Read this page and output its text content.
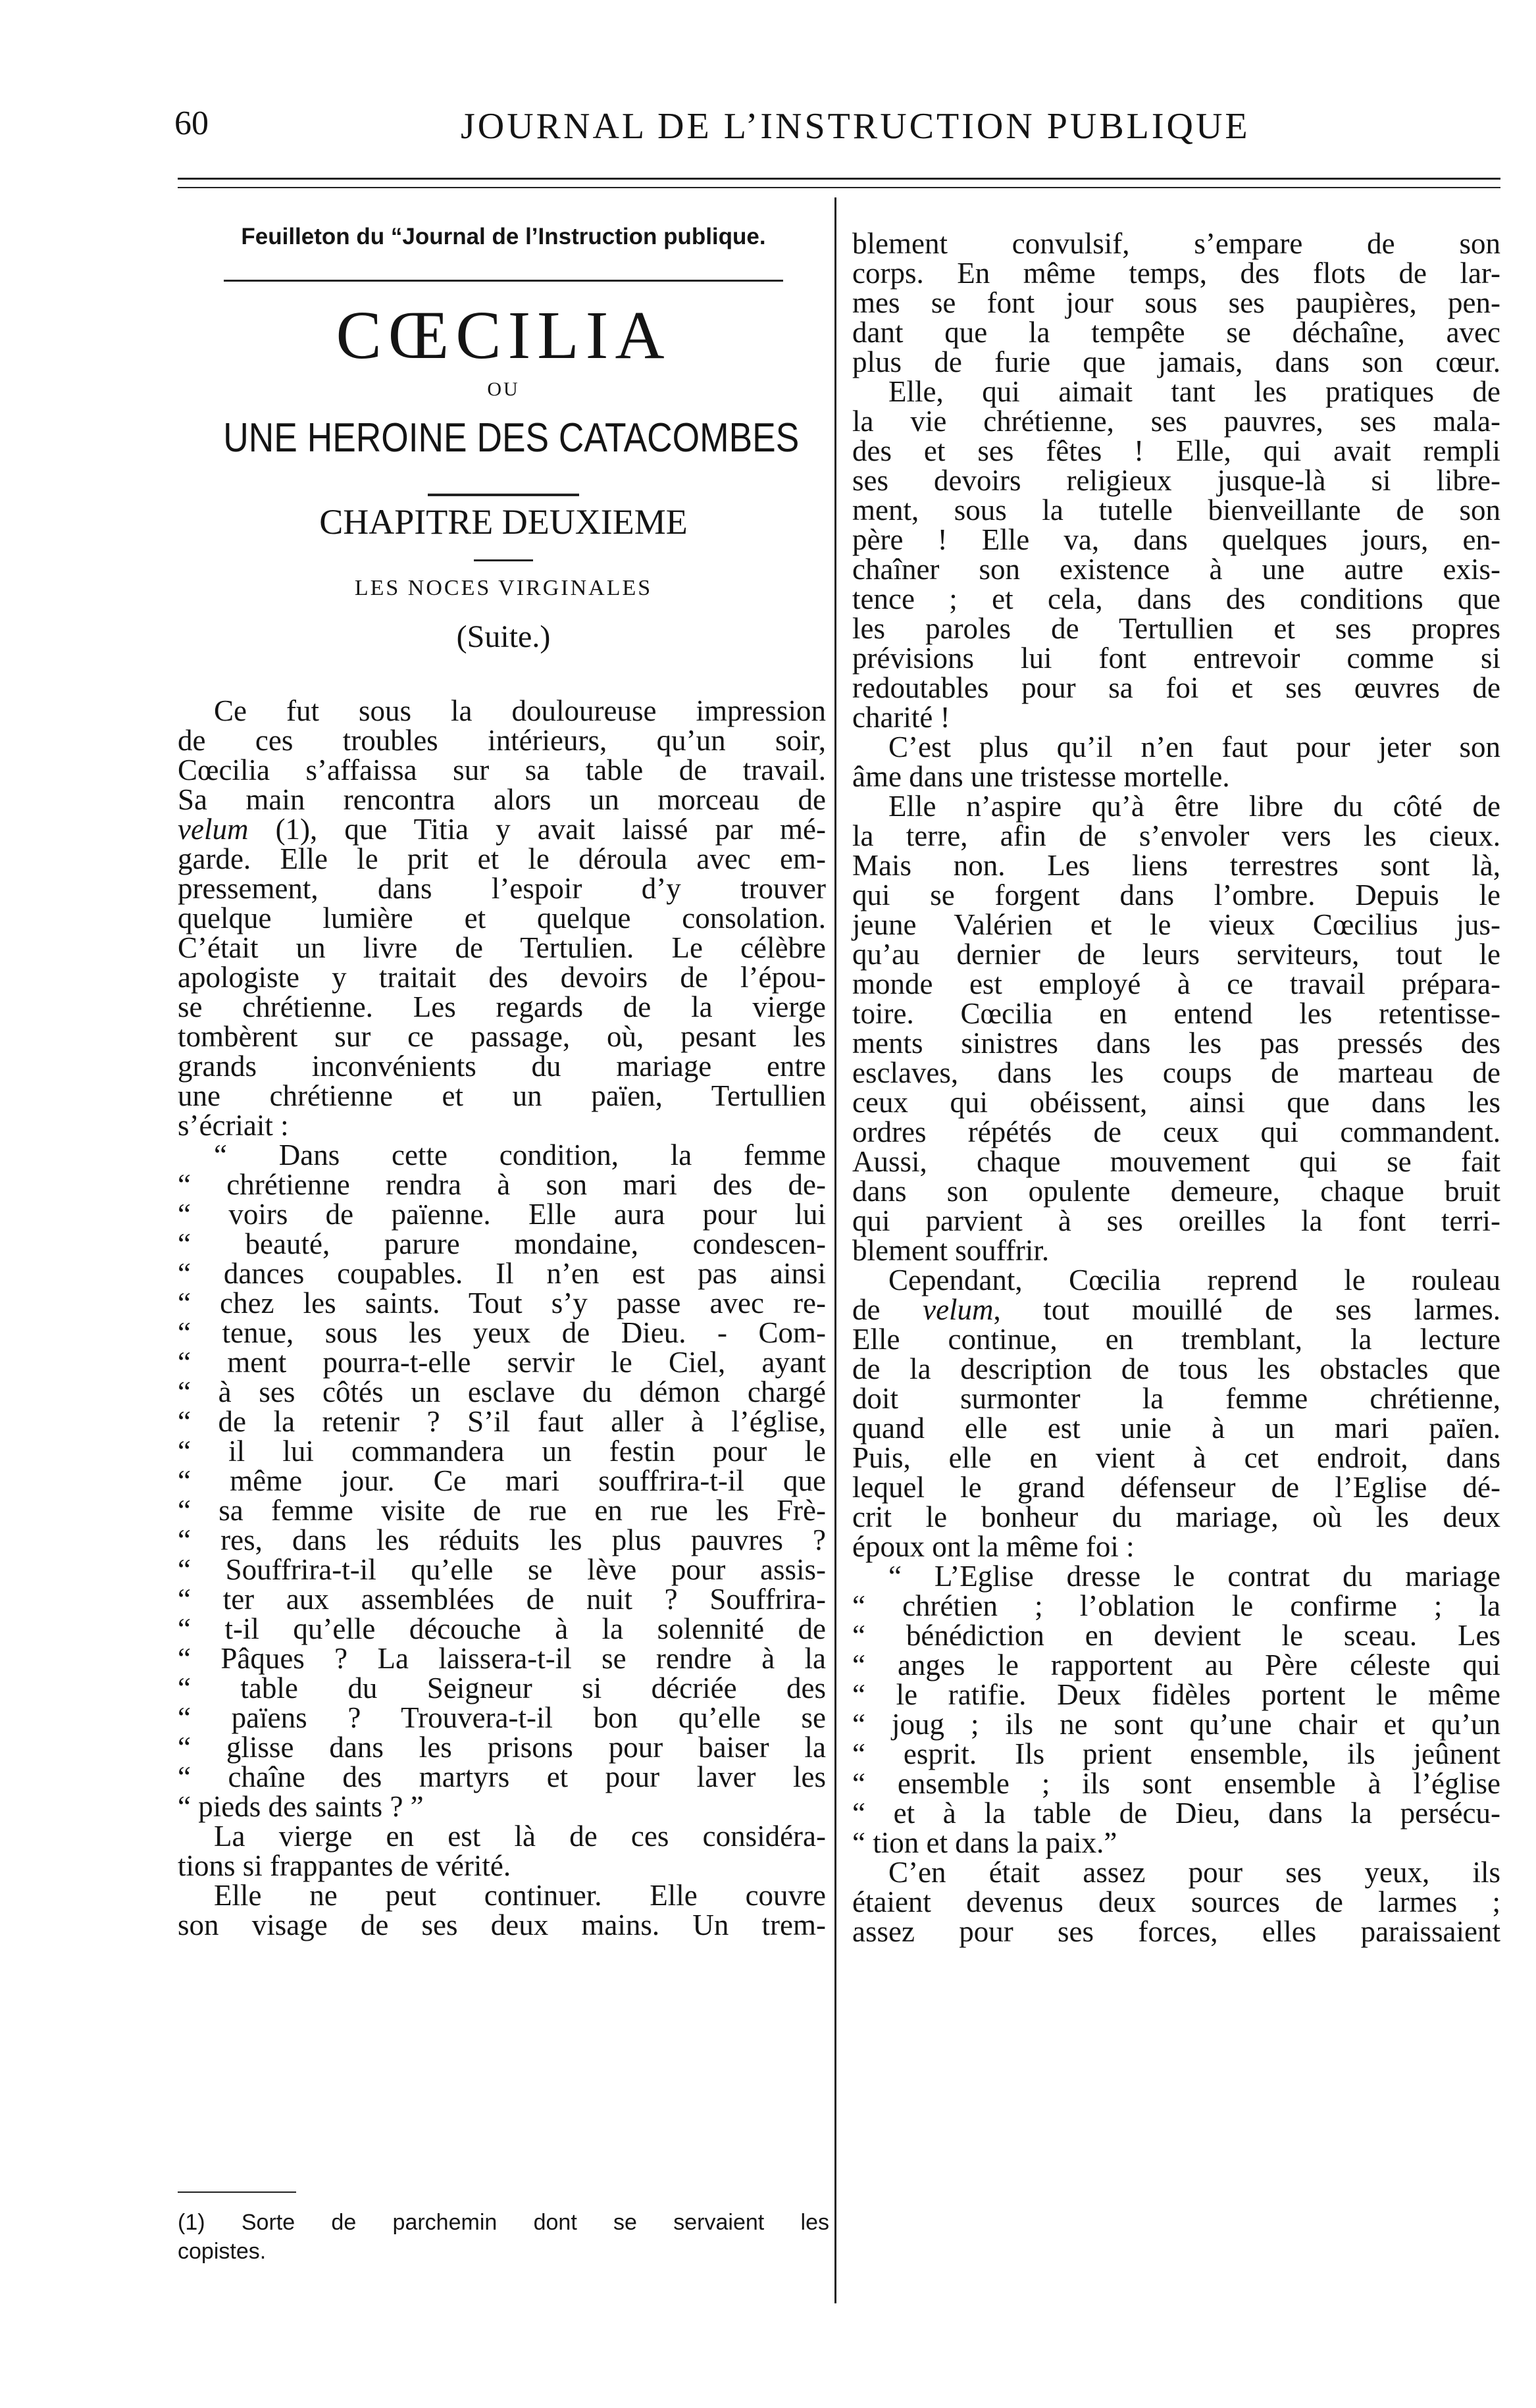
60	JOURNAL DE L’INSTRUCTION PUBLIQUE
Feuilleton du “Journal de l’Instruction publique.
CŒCILIA
OU
UNE HEROINE DES CATACOMBES
CHAPITRE DEUXIEME
LES NOCES VIRGINALES
(Suite.)
Ce fut sous la douloureuse impression
de ces troubles intérieurs, qu’un soir,
Cœcilia s’affaissa sur sa table de travail.
Sa main rencontra alors un morceau de
velum (1), que Titia y avait laissé par mé-
garde. Elle le prit et le déroula avec em-
pressement, dans l’espoir d’y trouver
quelque lumière et quelque consolation.
C’était un livre de Tertulien. Le célèbre
apologiste y traitait des devoirs de l’épou-
se chrétienne. Les regards de la vierge
tombèrent sur ce passage, où, pesant les
grands inconvénients du mariage entre
une chrétienne et un païen, Tertullien
s’écriait :
“ Dans cette condition, la femme
“ chrétienne rendra à son mari des de-
“ voirs de païenne. Elle aura pour lui
“ beauté, parure mondaine, condescen-
“ dances coupables. Il n’en est pas ainsi
“ chez les saints. Tout s’y passe avec re-
“ tenue, sous les yeux de Dieu. - Com-
“ ment pourra-t-elle servir le Ciel, ayant
“ à ses côtés un esclave du démon chargé
“ de la retenir ? S’il faut aller à l’église,
“ il lui commandera un festin pour le
“ même jour. Ce mari souffrira-t-il que
“ sa femme visite de rue en rue les Frè-
“ res, dans les réduits les plus pauvres ?
“ Souffrira-t-il qu’elle se lève pour assis-
“ ter aux assemblées de nuit ? Souffrira-
“ t-il qu’elle découche à la solennité de
“ Pâques ? La laissera-t-il se rendre à la
“ table du Seigneur si décriée des
“ païens ? Trouvera-t-il bon qu’elle se
“ glisse dans les prisons pour baiser la
“ chaîne des martyrs et pour laver les
“ pieds des saints ? ”
La vierge en est là de ces considéra-
tions si frappantes de vérité.
Elle ne peut continuer. Elle couvre
son visage de ses deux mains. Un trem-
(1) Sorte de parchemin dont se servaient les
copistes.
blement convulsif, s’empare de son
corps. En même temps, des flots de lar-
mes se font jour sous ses paupières, pen-
dant que la tempête se déchaîne, avec
plus de furie que jamais, dans son cœur.
Elle, qui aimait tant les pratiques de
la vie chrétienne, ses pauvres, ses mala-
des et ses fêtes ! Elle, qui avait rempli
ses devoirs religieux jusque-là si libre-
ment, sous la tutelle bienveillante de son
père ! Elle va, dans quelques jours, en-
chaîner son existence à une autre exis-
tence ; et cela, dans des conditions que
les paroles de Tertullien et ses propres
prévisions lui font entrevoir comme si
redoutables pour sa foi et ses œuvres de
charité !
C’est plus qu’il n’en faut pour jeter son
âme dans une tristesse mortelle.
Elle n’aspire qu’à être libre du côté de
la terre, afin de s’envoler vers les cieux.
Mais non. Les liens terrestres sont là,
qui se forgent dans l’ombre. Depuis le
jeune Valérien et le vieux Cœcilius jus-
qu’au dernier de leurs serviteurs, tout le
monde est employé à ce travail prépara-
toire. Cœcilia en entend les retentisse-
ments sinistres dans les pas pressés des
esclaves, dans les coups de marteau de
ceux qui obéissent, ainsi que dans les
ordres répétés de ceux qui commandent.
Aussi, chaque mouvement qui se fait
dans son opulente demeure, chaque bruit
qui parvient à ses oreilles la font terri-
blement souffrir.
Cependant, Cœcilia reprend le rouleau
de velum, tout mouillé de ses larmes.
Elle continue, en tremblant, la lecture
de la description de tous les obstacles que
doit surmonter la femme chrétienne,
quand elle est unie à un mari païen.
Puis, elle en vient à cet endroit, dans
lequel le grand défenseur de l’Eglise dé-
crit le bonheur du mariage, où les deux
époux ont la même foi :
“ L’Eglise dresse le contrat du mariage
“ chrétien ; l’oblation le confirme ; la
“ bénédiction en devient le sceau. Les
“ anges le rapportent au Père céleste qui
“ le ratifie. Deux fidèles portent le même
“ joug ; ils ne sont qu’une chair et qu’un
“ esprit. Ils prient ensemble, ils jeûnent
“ ensemble ; ils sont ensemble à l’église
“ et à la table de Dieu, dans la persécu-
“ tion et dans la paix.”
C’en était assez pour ses yeux, ils
étaient devenus deux sources de larmes ;
assez pour ses forces, elles paraissaient
